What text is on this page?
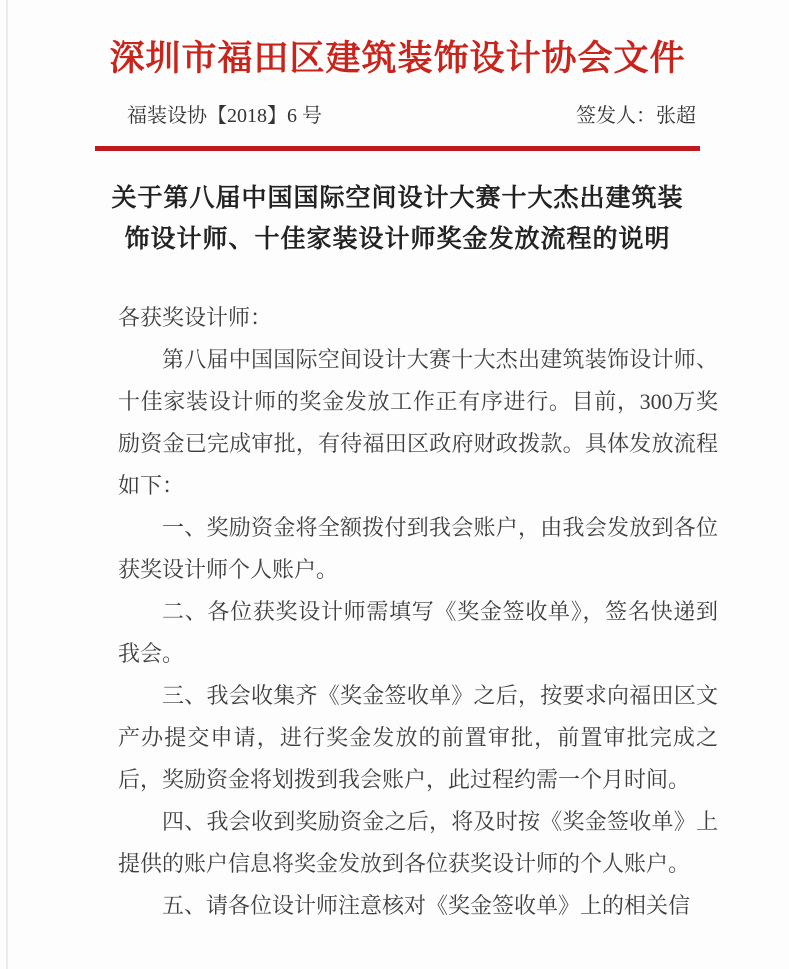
深圳市福田区建筑装饰设计协会文件
福装设协【2018】6 号	签发人：张超
关于第八届中国国际空间设计大赛十大杰出建筑装
饰设计师、十佳家装设计师奖金发放流程的说明

各获奖设计师：

第八届中国国际空间设计大赛十大杰出建筑装饰设计师、十佳家装设计师的奖金发放工作正有序进行。目前，300万奖励资金已完成审批，有待福田区政府财政拨款。具体发放流程如下：

一、奖励资金将全额拨付到我会账户，由我会发放到各位获奖设计师个人账户。

二、各位获奖设计师需填写《奖金签收单》，签名快递到我会。

三、我会收集齐《奖金签收单》之后，按要求向福田区文产办提交申请，进行奖金发放的前置审批，前置审批完成之后，奖励资金将划拨到我会账户，此过程约需一个月时间。

四、我会收到奖励资金之后，将及时按《奖金签收单》上提供的账户信息将奖金发放到各位获奖设计师的个人账户。

五、请各位设计师注意核对《奖金签收单》上的相关信
